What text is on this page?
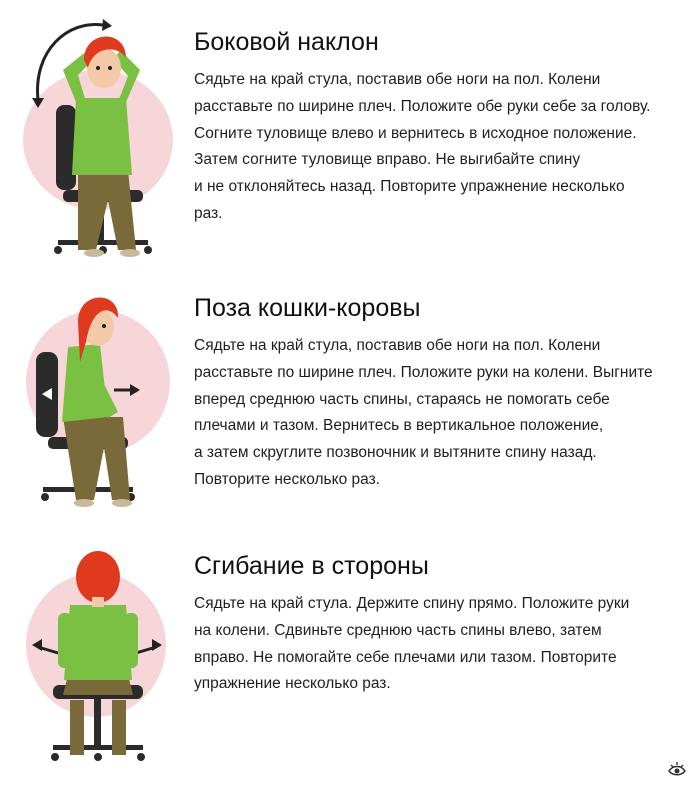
Боковой наклон

Сядьте на край стула, поставив обе ноги на пол. Колени
расставьте по ширине плеч. Положите обе руки себе за голову.
Согните туловище влево и вернитесь в исходное положение.
Затем согните туловище вправо. Не выгибайте спину
и не отклоняйтесь назад. Повторите упражнение несколько
раз.

Поза кошки-коровы

Сядьте на край стула, поставив обе ноги на пол. Колени
расставьте по ширине плеч. Положите руки на колени. Выгните
вперед среднюю часть спины, стараясь не помогать себе
плечами и тазом. Вернитесь в вертикальное положение,
а затем скруглите позвоночник и вытяните спину назад.
Повторите несколько раз.

Сгибание в стороны

Сядьте на край стула. Держите спину прямо. Положите руки
на колени. Сдвиньте среднюю часть спины влево, затем
вправо. Не помогайте себе плечами или тазом. Повторите
упражнение несколько раз.
